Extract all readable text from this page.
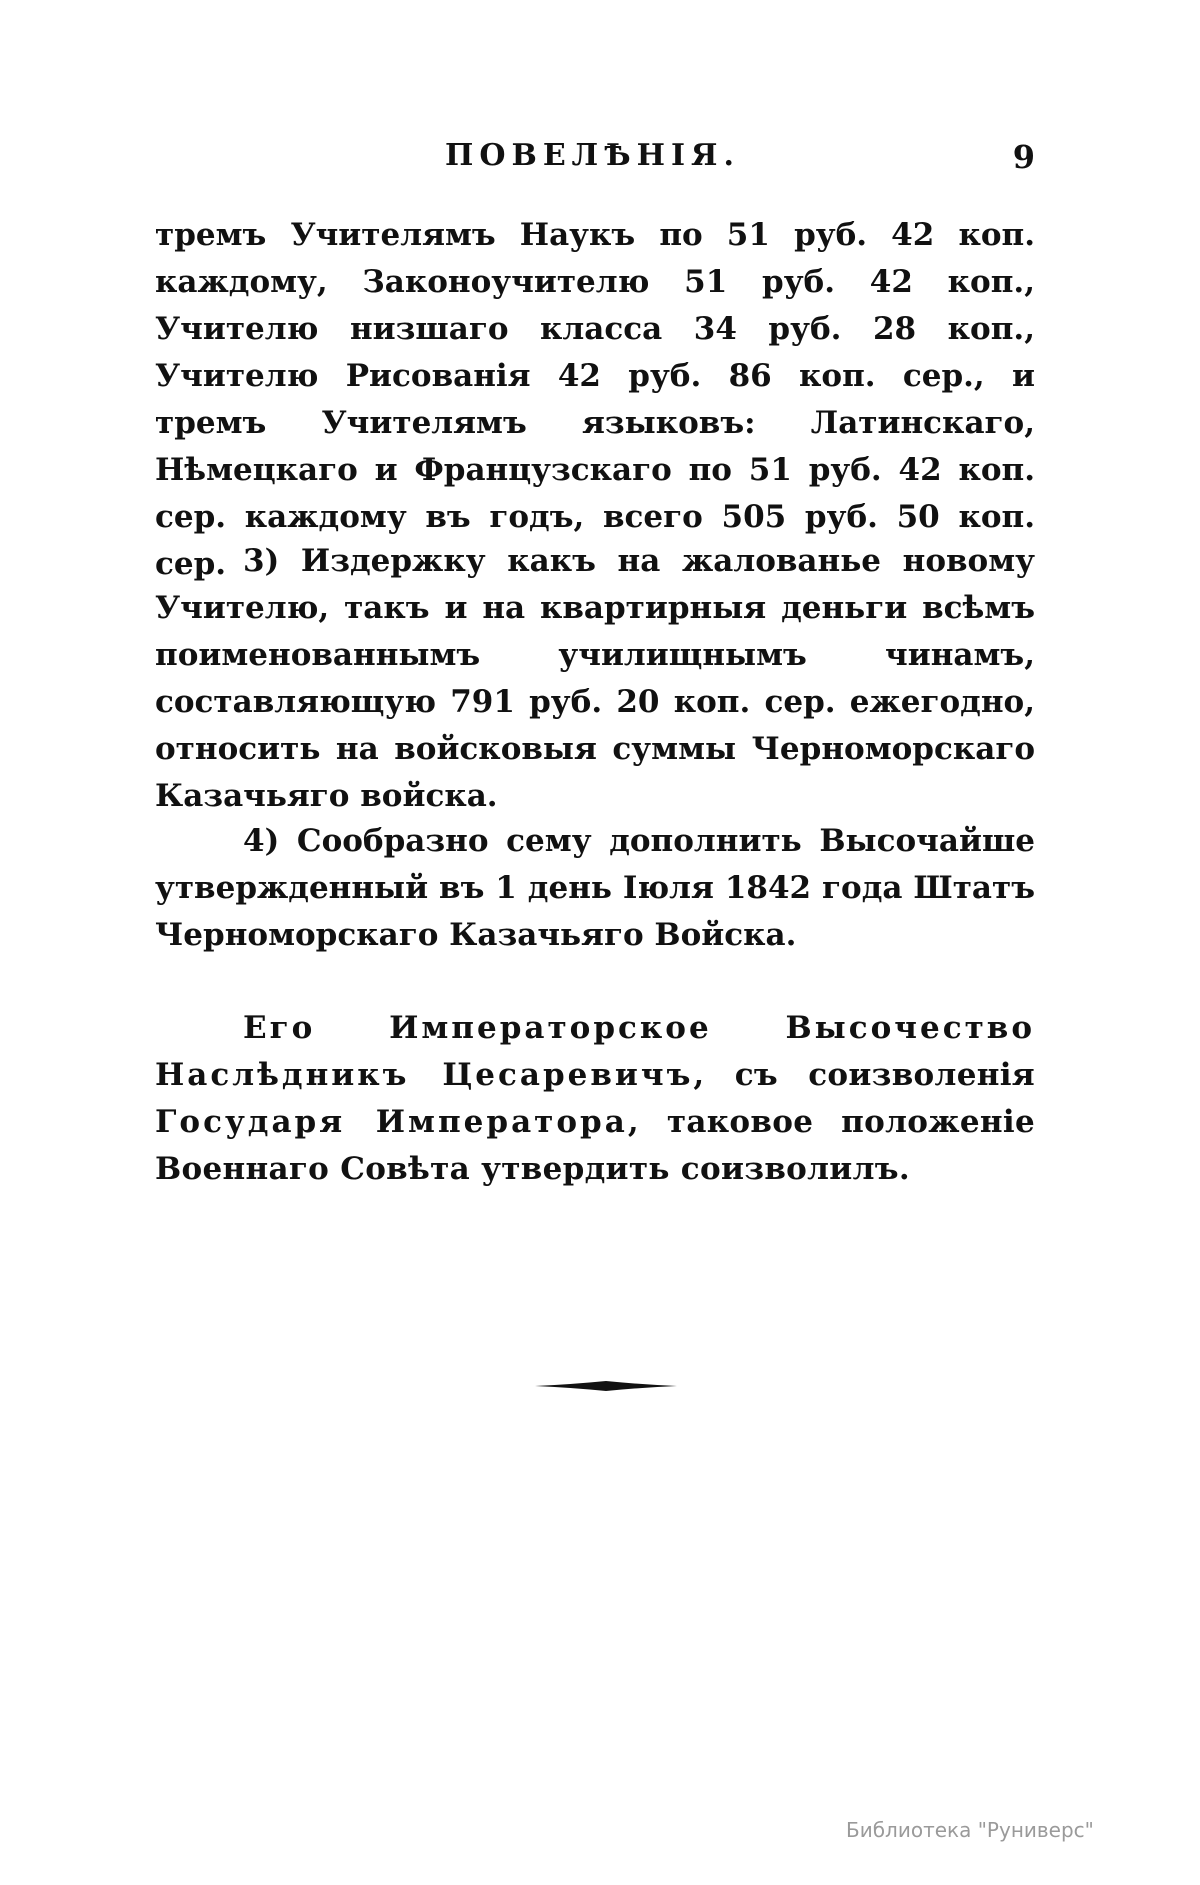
ПОВЕЛѢНІЯ.	9

тремъ Учителямъ Наукъ по 51 руб. 42 коп. каждому, Законоучителю 51 руб. 42 коп., Учителю низшаго класса 34 руб. 28 коп., Учителю Рисованія 42 руб. 86 коп. сер., и тремъ Учителямъ языковъ: Латинскаго, Нѣмецкаго и Французскаго по 51 руб. 42 коп. сер. каждому въ годъ, всего 505 руб. 50 коп. сер. 3) Издержку какъ на жалованье новому Учителю, такъ и на квартирныя деньги всѣмъ поименованнымъ училищнымъ чинамъ, составляющую 791 руб. 20 коп. сер. ежегодно, относить на войсковыя суммы Черноморскаго Казачьяго войска.

4) Сообразно сему дополнить Высочайше утвержденный въ 1 день Іюля 1842 года Штатъ Черноморскаго Казачьяго Войска.

Его Императорское Высочество Наслѣдникъ Цесаревичъ, съ соизволенія Государя Императора, таковое положеніе Военнаго Совѣта утвердить соизволилъ.

Библиотека "Руниверс"
